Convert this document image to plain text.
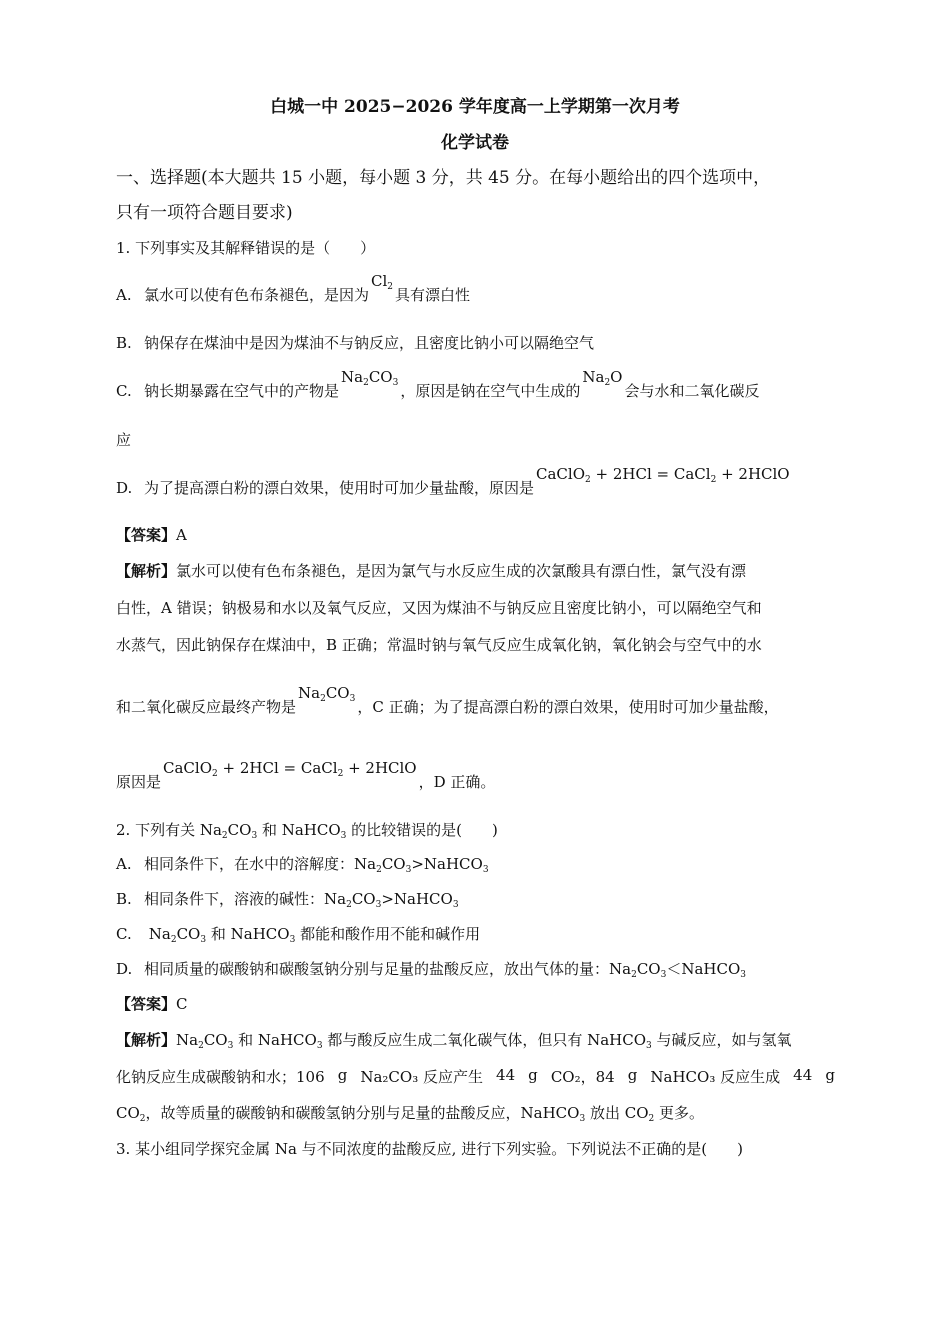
白城一中 2025−2026 学年度高一上学期第一次月考
化学试卷
一、选择题(本大题共 15 小题，每小题 3 分，共 45 分。在每小题给出的四个选项中，
只有一项符合题目要求)
1. 下列事实及其解释错误的是（　　）
A. 氯水可以使有色布条褪色，是因为$Cl_2$ 具有漂白性
B. 钠保存在煤油中是因为煤油不与钠反应，且密度比钠小可以隔绝空气
C. 钠长期暴露在空气中的产物是$Na_2CO_3$ ，原因是钠在空气中生成的$Na_2O$会与水和二氧化碳反
应
D. 为了提高漂白粉的漂白效果，使用时可加少量盐酸，原因是CaClO$_2$ + 2HCl = CaCl$_2$ + 2HClO
【答案】A
【解析】氯水可以使有色布条褪色，是因为氯气与水反应生成的次氯酸具有漂白性，氯气没有漂
白性，A 错误；钠极易和水以及氧气反应，又因为煤油不与钠反应且密度比钠小，可以隔绝空气和
水蒸气，因此钠保存在煤油中，B 正确；常温时钠与氧气反应生成氧化钠，氧化钠会与空气中的水
和二氧化碳反应最终产物是$Na_2CO_3$ ，C 正确；为了提高漂白粉的漂白效果，使用时可加少量盐酸，
原因是CaClO$_2$ + 2HCl = CaCl$_2$ + 2HClO，D 正确。
2. 下列有关 $Na_2CO_3$ 和 NaHCO$_3$ 的比较错误的是(　　)
A. 相同条件下，在水中的溶解度：$Na_2CO_3>NaHCO_3$
B. 相同条件下，溶液的碱性：$Na_2CO_3>NaHCO_3$
C. $Na_2CO_3$ 和 NaHCO$_3$ 都能和酸作用不能和碱作用
D. 相同质量的碳酸钠和碳酸氢钠分别与足量的盐酸反应，放出气体的量：$Na_2CO_3<NaHCO_3$
【答案】C
【解析】$Na_2CO_3$ 和 NaHCO$_3$ 都与酸反应生成二氧化碳气体，但只有 NaHCO$_3$ 与碱反应，如与氢氧
化钠反应生成碳酸钠和水；106 g Na₂CO₃ 反应产生 44 g CO₂，84 g NaHCO₃ 反应生成 44 g
$CO_2$，故等质量的碳酸钠和碳酸氢钠分别与足量的盐酸反应，NaHCO$_3$ 放出 $CO_2$ 更多。
3. 某小组同学探究金属 Na 与不同浓度的盐酸反应, 进行下列实验。下列说法不正确的是(　　)
